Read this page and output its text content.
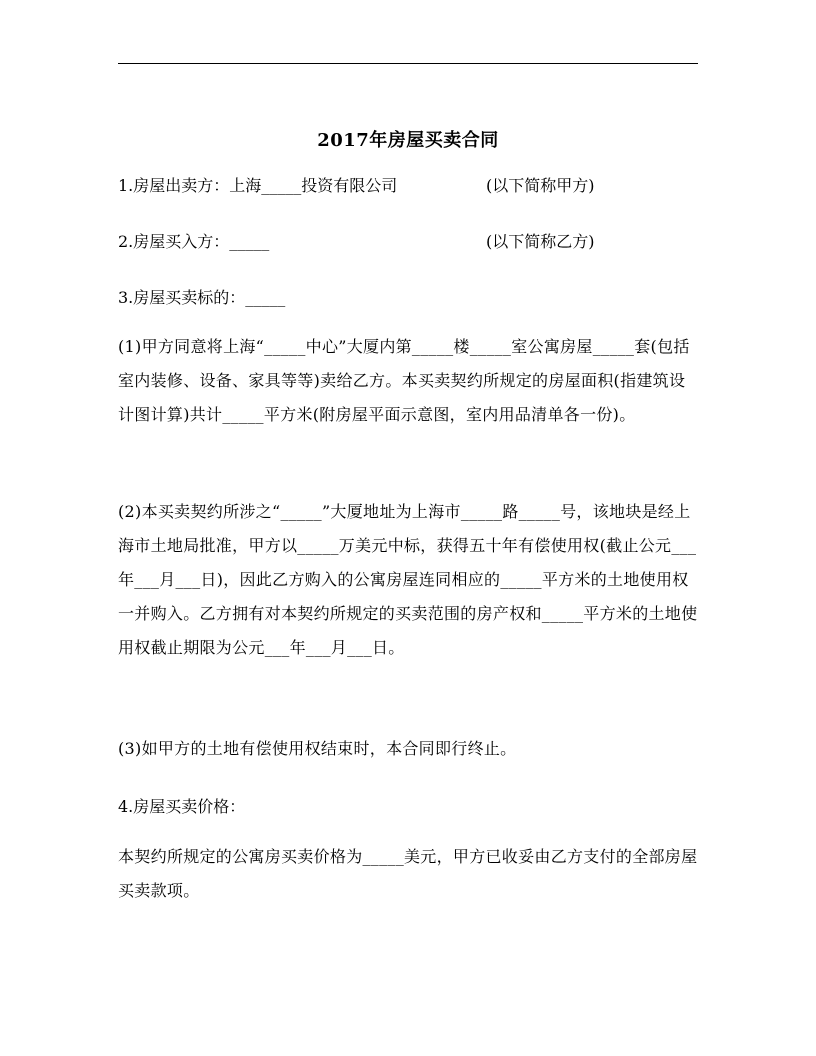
2017年房屋买卖合同
1.房屋出卖方：上海_____投资有限公司	(以下简称甲方)
2.房屋买入方：_____	(以下简称乙方)
3.房屋买卖标的：_____
(1)甲方同意将上海“_____中心”大厦内第_____楼_____室公寓房屋_____套(包括室内装修、设备、家具等等)卖给乙方。本买卖契约所规定的房屋面积(指建筑设计图计算)共计_____平方米(附房屋平面示意图，室内用品清单各一份)。
(2)本买卖契约所涉之“_____”大厦地址为上海市_____路_____号，该地块是经上海市土地局批准，甲方以_____万美元中标，获得五十年有偿使用权(截止公元___年___月___日)，因此乙方购入的公寓房屋连同相应的_____平方米的土地使用权一并购入。乙方拥有对本契约所规定的买卖范围的房产权和_____平方米的土地使用权截止期限为公元___年___月___日。
(3)如甲方的土地有偿使用权结束时，本合同即行终止。
4.房屋买卖价格：
本契约所规定的公寓房买卖价格为_____美元，甲方已收妥由乙方支付的全部房屋买卖款项。
